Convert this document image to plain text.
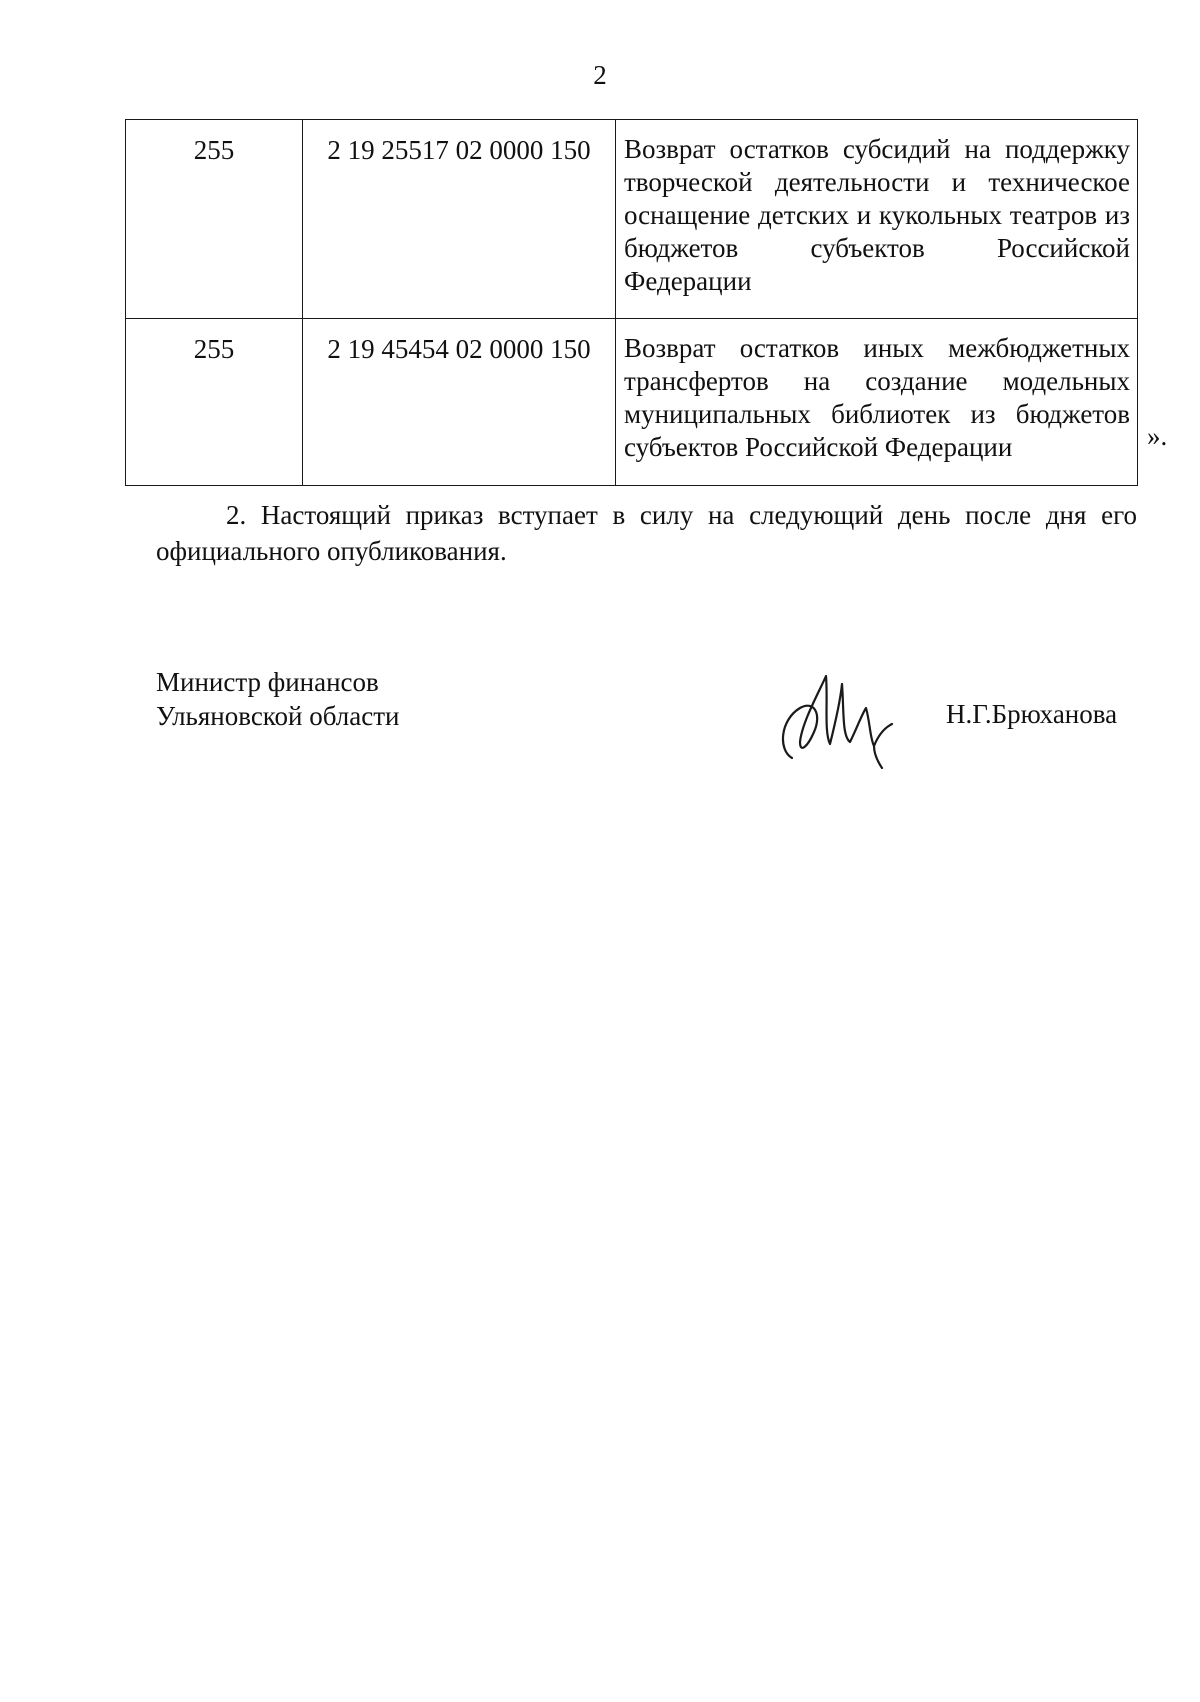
2
255	2 19 25517 02 0000 150	Возврат остатков субсидий на поддержку творческой деятельности и техническое оснащение детских и кукольных театров из бюджетов субъектов Российской Федерации
255	2 19 45454 02 0000 150	Возврат остатков иных межбюджетных трансфертов на создание модельных муниципальных библиотек из бюджетов субъектов Российской Федерации	».
2. Настоящий приказ вступает в силу на следующий день после дня его официального опубликования.
Министр финансов
Ульяновской области	Н.Г.Брюханова
